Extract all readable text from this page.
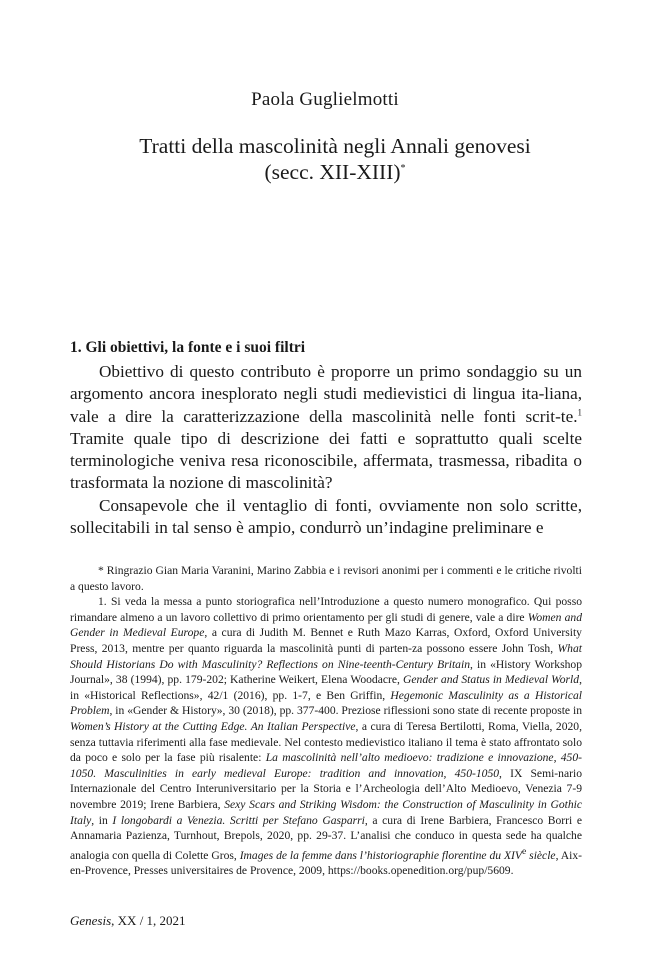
Paola Guglielmotti
Tratti della mascolinità negli Annali genovesi
(secc. XII-XIII)*
1. Gli obiettivi, la fonte e i suoi filtri

Obiettivo di questo contributo è proporre un primo sondaggio su un argomento ancora inesplorato negli studi medievistici di lingua ita-liana, vale a dire la caratterizzazione della mascolinità nelle fonti scrit-te.$^1$ Tramite quale tipo di descrizione dei fatti e soprattutto quali scelte terminologiche veniva resa riconoscibile, affermata, trasmessa, ribadita o trasformata la nozione di mascolinità?

Consapevole che il ventaglio di fonti, ovviamente non solo scritte, sollecitabili in tal senso è ampio, condurrò un’indagine preliminare e

* Ringrazio Gian Maria Varanini, Marino Zabbia e i revisori anonimi per i commenti e le critiche rivolti a questo lavoro.

1. Si veda la messa a punto storiografica nell’Introduzione a questo numero monografico. Qui posso rimandare almeno a un lavoro collettivo di primo orientamento per gli studi di genere, vale a dire Women and Gender in Medieval Europe, a cura di Judith M. Bennet e Ruth Mazo Karras, Oxford, Oxford University Press, 2013, mentre per quanto riguarda la mascolinità punti di parten-za possono essere John Tosh, What Should Historians Do with Masculinity? Reflections on Nine-teenth-Century Britain, in «History Workshop Journal», 38 (1994), pp. 179-202; Katherine Weikert, Elena Woodacre, Gender and Status in Medieval World, in «Historical Reflections», 42/1 (2016), pp. 1-7, e Ben Griffin, Hegemonic Masculinity as a Historical Problem, in «Gender & History», 30 (2018), pp. 377-400. Preziose riflessioni sono state di recente proposte in Women’s History at the Cutting Edge. An Italian Perspective, a cura di Teresa Bertilotti, Roma, Viella, 2020, senza tuttavia riferimenti alla fase medievale. Nel contesto medievistico italiano il tema è stato affrontato solo da poco e solo per la fase più risalente: La mascolinità nell’alto medioevo: tradizione e innovazione, 450-1050. Masculinities in early medieval Europe: tradition and innovation, 450-1050, IX Semi-nario Internazionale del Centro Interuniversitario per la Storia e l’Archeologia dell’Alto Medioevo, Venezia 7-9 novembre 2019; Irene Barbiera, Sexy Scars and Striking Wisdom: the Construction of Masculinity in Gothic Italy, in I longobardi a Venezia. Scritti per Stefano Gasparri, a cura di Irene Barbiera, Francesco Borri e Annamaria Pazienza, Turnhout, Brepols, 2020, pp. 29-37. L’analisi che conduco in questa sede ha qualche analogia con quella di Colette Gros, Images de la femme dans l’historiographie florentine du XIVe siècle, Aix-en-Provence, Presses universitaires de Provence, 2009, https://books.openedition.org/pup/5609.

Genesis, XX / 1, 2021
